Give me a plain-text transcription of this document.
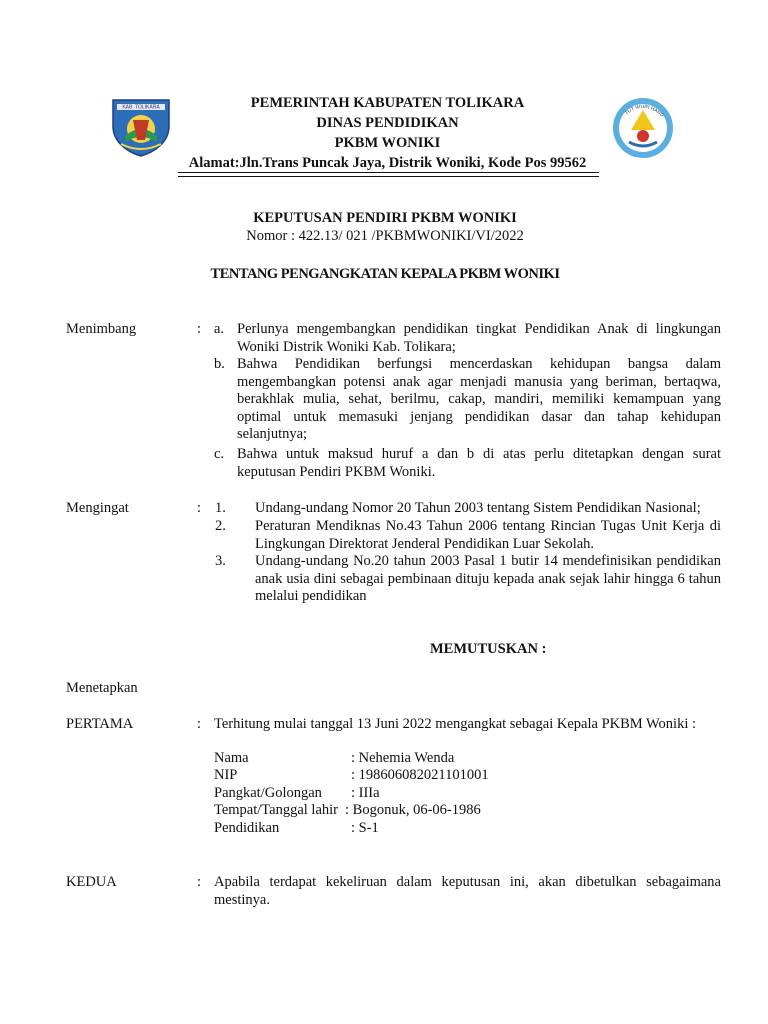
KAB. TOLIKARA
TUT WURI HAND
PEMERINTAH KABUPATEN TOLIKARA
DINAS PENDIDIKAN
PKBM WONIKI
Alamat:Jln.Trans Puncak Jaya, Distrik Woniki, Kode Pos 99562
KEPUTUSAN PENDIRI PKBM WONIKI
Nomor : 422.13/ 021 /PKBMWONIKI/VI/2022
TENTANG PENGANGKATAN KEPALA PKBM WONIKI
Menimbang	: a. Perlunya mengembangkan pendidikan tingkat Pendidikan Anak di lingkungan Woniki Distrik Woniki Kab. Tolikara;
b. Bahwa Pendidikan berfungsi mencerdaskan kehidupan bangsa dalam mengembangkan potensi anak agar menjadi manusia yang beriman, bertaqwa, berakhlak mulia, sehat, berilmu, cakap, mandiri, memiliki kemampuan yang optimal untuk memasuki jenjang pendidikan dasar dan tahap kehidupan selanjutnya;
c. Bahwa untuk maksud huruf a dan b di atas perlu ditetapkan dengan surat keputusan Pendiri PKBM Woniki.
Mengingat	: 1. Undang-undang Nomor 20 Tahun 2003 tentang Sistem Pendidikan Nasional;
2. Peraturan Mendiknas No.43 Tahun 2006 tentang Rincian Tugas Unit Kerja di Lingkungan Direktorat Jenderal Pendidikan Luar Sekolah.
3. Undang-undang No.20 tahun 2003 Pasal 1 butir 14 mendefinisikan pendidikan anak usia dini sebagai pembinaan dituju kepada anak sejak lahir hingga 6 tahun melalui pendidikan
MEMUTUSKAN :
Menetapkan
PERTAMA	: Terhitung mulai tanggal 13 Juni 2022 mengangkat sebagai Kepala PKBM Woniki :
Nama	: Nehemia Wenda
NIP	: 198606082021101001
Pangkat/Golongan : IIIa
Tempat/Tanggal lahir : Bogonuk, 06-06-1986
Pendidikan	: S-1
KEDUA	: Apabila terdapat kekeliruan dalam keputusan ini, akan dibetulkan sebagaimana mestinya.
